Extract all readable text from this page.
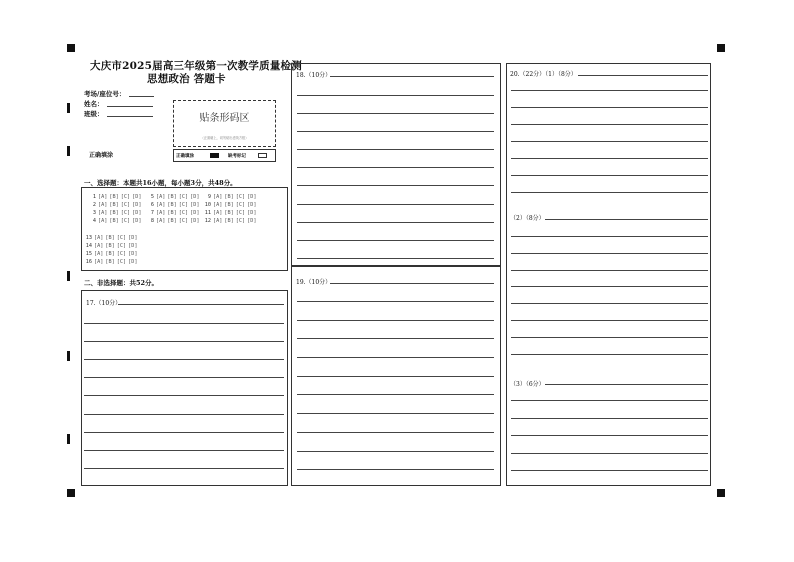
大庆市2025届高三年级第一次教学质量检测
思想政治 答题卡
考场/座位号：
姓名：
班级：
正确填涂
贴条形码区
（正面朝上，切勿贴出虚线方框）
正确填涂	缺考标记
一、选择题：本题共16小题，每小题3分，共48分。
1 [A] [B] [C] [D]
2 [A] [B] [C] [D]
3 [A] [B] [C] [D]
4 [A] [B] [C] [D]
5 [A] [B] [C] [D]
6 [A] [B] [C] [D]
7 [A] [B] [C] [D]
8 [A] [B] [C] [D]
9 [A] [B] [C] [D]
10 [A] [B] [C] [D]
11 [A] [B] [C] [D]
12 [A] [B] [C] [D]
13 [A] [B] [C] [D]
14 [A] [B] [C] [D]
15 [A] [B] [C] [D]
16 [A] [B] [C] [D]
二、非选择题：共52分。
17.（10分）
18.（10分）
19.（10分）
20.（22分）（1）（8分）
（2）（8分）
（3）（6分）
